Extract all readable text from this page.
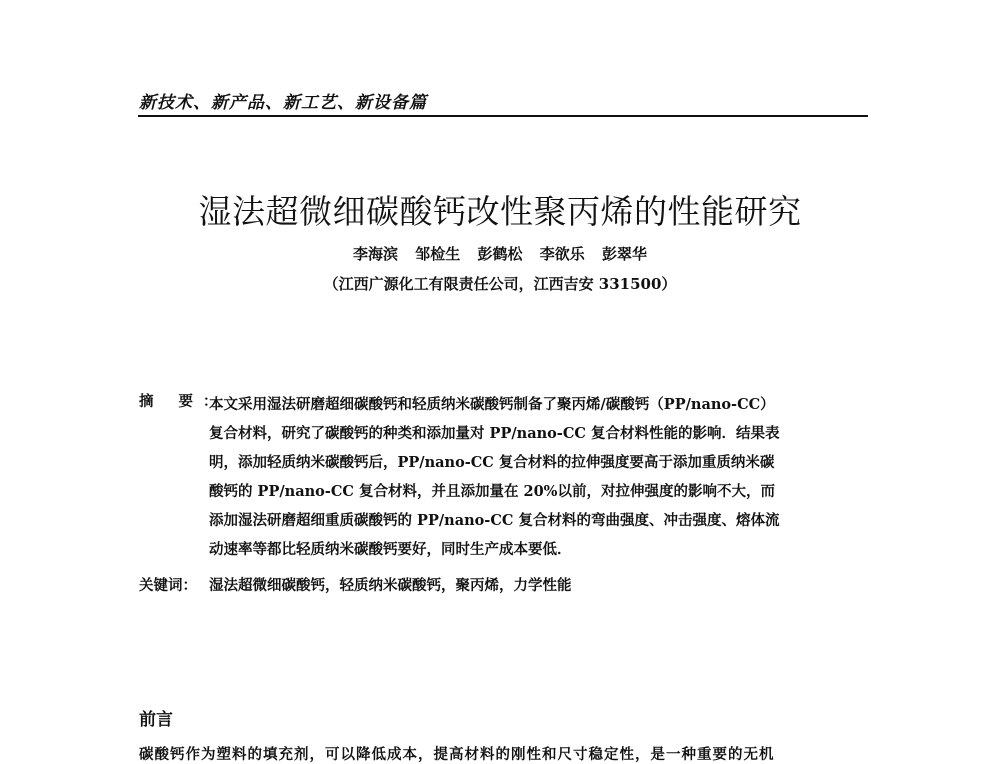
新技术、新产品、新工艺、新设备篇
湿法超微细碳酸钙改性聚丙烯的性能研究
李海滨 邹检生 彭鹤松 李欲乐 彭翠华
（江西广源化工有限责任公司，江西吉安 331500）
摘 要：
本文采用湿法研磨超细碳酸钙和轻质纳米碳酸钙制备了聚丙烯/碳酸钙（PP/nano-CC）
复合材料，研究了碳酸钙的种类和添加量对 PP/nano-CC 复合材料性能的影响．结果表
明，添加轻质纳米碳酸钙后，PP/nano-CC 复合材料的拉伸强度要高于添加重质纳米碳
酸钙的 PP/nano-CC 复合材料，并且添加量在 20%以前，对拉伸强度的影响不大，而
添加湿法研磨超细重质碳酸钙的 PP/nano-CC 复合材料的弯曲强度、冲击强度、熔体流
动速率等都比轻质纳米碳酸钙要好，同时生产成本要低．
关键词： 湿法超微细碳酸钙，轻质纳米碳酸钙，聚丙烯，力学性能
前言
碳酸钙作为塑料的填充剂，可以降低成本，提高材料的刚性和尺寸稳定性，是一种重要的无机
